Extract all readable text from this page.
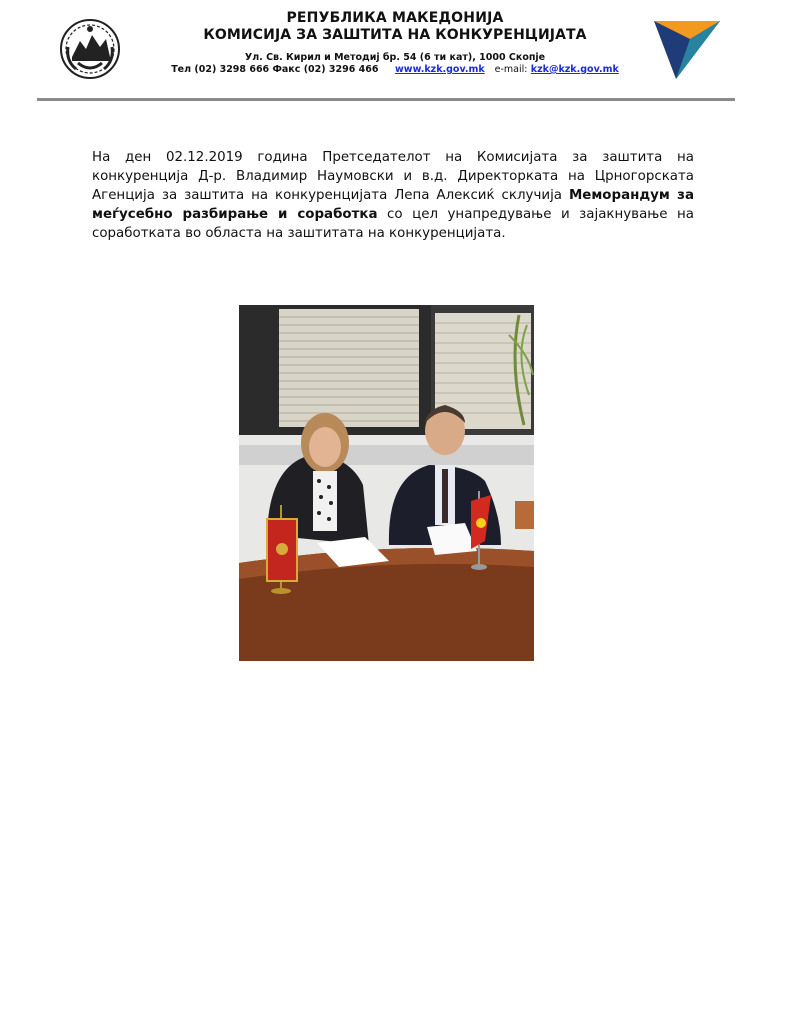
РЕПУБЛИКА МАКЕДОНИЈА
КОМИСИЈА ЗА ЗАШТИТА НА КОНКУРЕНЦИЈАТА
Ул. Св. Кирил и Методиј бр. 54 (6 ти кат), 1000 Скопје
Тел (02) 3298 666 Факс (02) 3296 466 www.kzk.gov.mk e-mail: kzk@kzk.gov.mk
На ден 02.12.2019 година Претседателот на Комисијата за заштита на конкуренција Д-р. Владимир Наумовски и в.д. Директорката на Црногорската Агенција за заштита на конкуренцијата Лепа Алексиќ склучија Меморандум за меѓусебно разбирање и соработка со цел унапредување и зајакнување на соработката во областа на заштитата на конкуренцијата.
